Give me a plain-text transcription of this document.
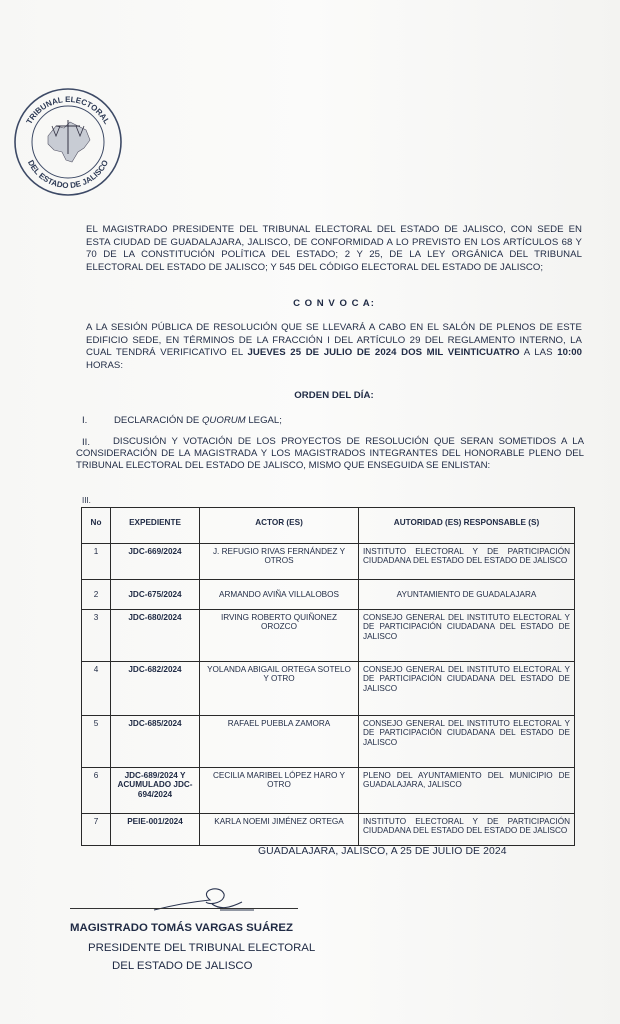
TRIBUNAL ELECTORAL
DEL ESTADO DE JALISCO
EL MAGISTRADO PRESIDENTE DEL TRIBUNAL ELECTORAL DEL ESTADO DE JALISCO, CON SEDE EN ESTA CIUDAD DE GUADALAJARA, JALISCO, DE CONFORMIDAD A LO PREVISTO EN LOS ARTÍCULOS 68 Y 70 DE LA CONSTITUCIÓN POLÍTICA DEL ESTADO; 2 Y 25, DE LA LEY ORGÁNICA DEL TRIBUNAL ELECTORAL DEL ESTADO DE JALISCO; Y 545 DEL CÓDIGO ELECTORAL DEL ESTADO DE JALISCO;
C O N V O C A:
A LA SESIÓN PÚBLICA DE RESOLUCIÓN QUE SE LLEVARÁ A CABO EN EL SALÓN DE PLENOS DE ESTE EDIFICIO SEDE, EN TÉRMINOS DE LA FRACCIÓN I DEL ARTÍCULO 29 DEL REGLAMENTO INTERNO, LA CUAL TENDRÁ VERIFICATIVO EL JUEVES 25 DE JULIO DE 2024 DOS MIL VEINTICUATRO A LAS 10:00 HORAS:
ORDEN DEL DÍA:
I.	DECLARACIÓN DE QUORUM LEGAL;
II.	DISCUSIÓN Y VOTACIÓN DE LOS PROYECTOS DE RESOLUCIÓN QUE SERAN SOMETIDOS A LA CONSIDERACIÓN DE LA MAGISTRADA Y LOS MAGISTRADOS INTEGRANTES DEL HONORABLE PLENO DEL TRIBUNAL ELECTORAL DEL ESTADO DE JALISCO, MISMO QUE ENSEGUIDA SE ENLISTAN:
III.
No	EXPEDIENTE	ACTOR (ES)	AUTORIDAD (ES) RESPONSABLE (S)
1	JDC-669/2024	J. REFUGIO RIVAS FERNÁNDEZ Y OTROS	INSTITUTO ELECTORAL Y DE PARTICIPACIÓN CIUDADANA DEL ESTADO DEL ESTADO DE JALISCO
2	JDC-675/2024	ARMANDO AVIÑA VILLALOBOS	AYUNTAMIENTO DE GUADALAJARA
3	JDC-680/2024	IRVING ROBERTO QUIÑONEZ OROZCO	CONSEJO GENERAL DEL INSTITUTO ELECTORAL Y DE PARTICIPACIÓN CIUDADANA DEL ESTADO DE JALISCO
4	JDC-682/2024	YOLANDA ABIGAIL ORTEGA SOTELO Y OTRO	CONSEJO GENERAL DEL INSTITUTO ELECTORAL Y DE PARTICIPACIÓN CIUDADANA DEL ESTADO DE JALISCO
5	JDC-685/2024	RAFAEL PUEBLA ZAMORA	CONSEJO GENERAL DEL INSTITUTO ELECTORAL Y DE PARTICIPACIÓN CIUDADANA DEL ESTADO DE JALISCO
6	JDC-689/2024 Y ACUMULADO JDC-694/2024	CECILIA MARIBEL LÓPEZ HARO Y OTRO	PLENO DEL AYUNTAMIENTO DEL MUNICIPIO DE GUADALAJARA, JALISCO
7	PEIE-001/2024	KARLA NOEMI JIMÉNEZ ORTEGA	INSTITUTO ELECTORAL Y DE PARTICIPACIÓN CIUDADANA DEL ESTADO DEL ESTADO DE JALISCO
GUADALAJARA, JALISCO, A 25 DE JULIO DE 2024
MAGISTRADO TOMÁS VARGAS SUÁREZ
PRESIDENTE DEL TRIBUNAL ELECTORAL
DEL ESTADO DE JALISCO
